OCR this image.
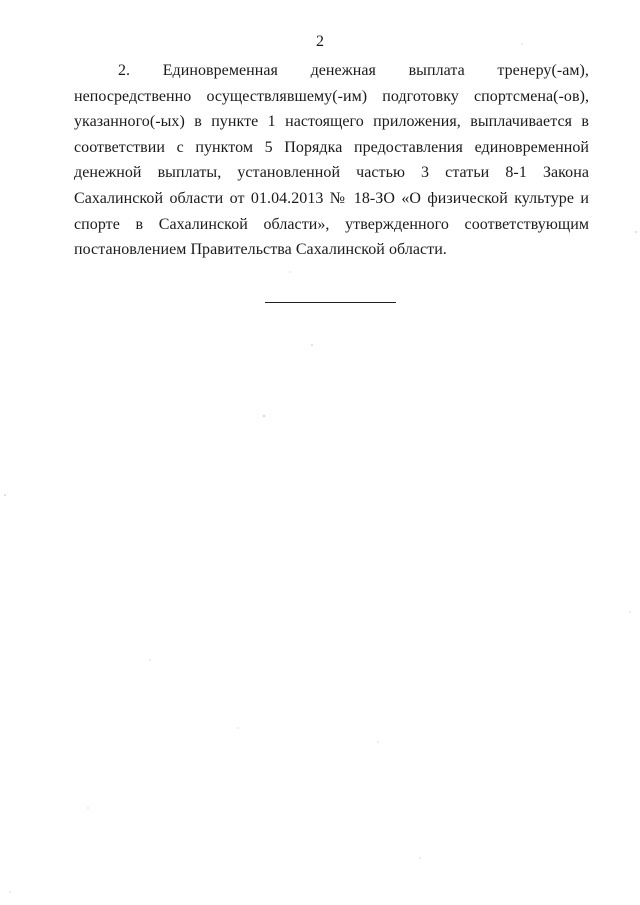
2

2. Единовременная денежная выплата тренеру(-ам), непосредственно осуществлявшему(-им) подготовку спортсмена(-ов), указанного(-ых) в пункте 1 настоящего приложения, выплачивается в соответствии с пунктом 5 Порядка предоставления единовременной денежной выплаты, установленной частью 3 статьи 8-1 Закона Сахалинской области от 01.04.2013 № 18-ЗО «О физической культуре и спорте в Сахалинской области», утвержденного соответствующим постановлением Правительства Сахалинской области.
